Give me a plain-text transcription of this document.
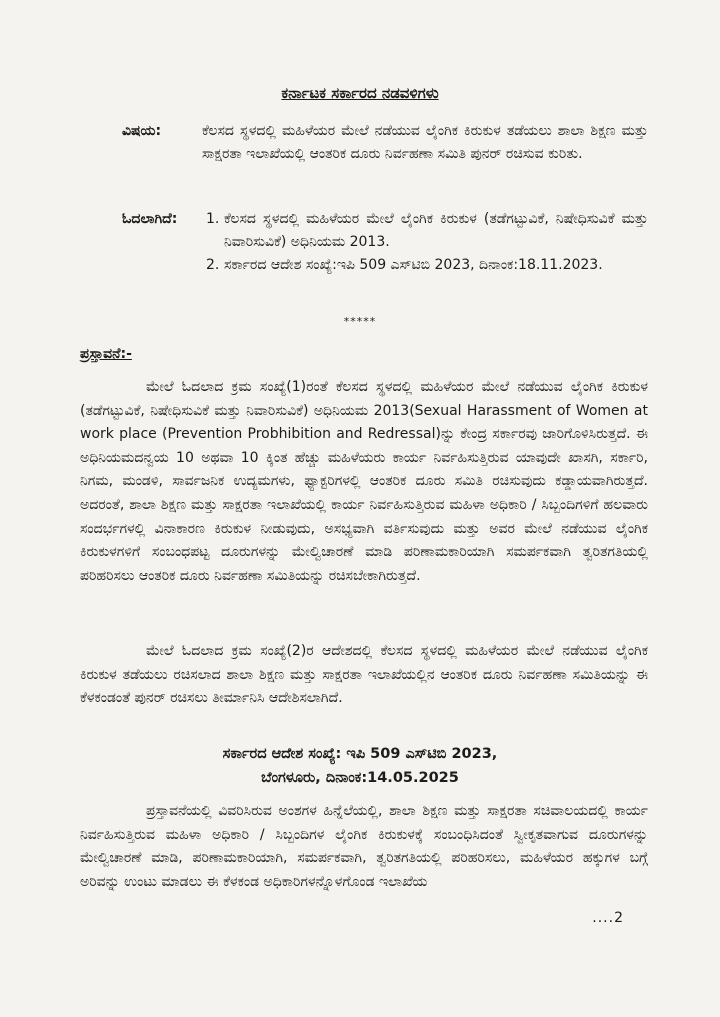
ಕರ್ನಾಟಕ ಸರ್ಕಾರದ ನಡವಳಿಗಳು
ವಿಷಯ:	ಕೆಲಸದ ಸ್ಥಳದಲ್ಲಿ ಮಹಿಳೆಯರ ಮೇಲೆ ನಡೆಯುವ ಲೈಂಗಿಕ ಕಿರುಕುಳ ತಡೆಯಲು ಶಾಲಾ ಶಿಕ್ಷಣ ಮತ್ತು ಸಾಕ್ಷರತಾ ಇಲಾಖೆಯಲ್ಲಿ ಆಂತರಿಕ ದೂರು ನಿರ್ವಹಣಾ ಸಮಿತಿ ಪುನರ್ ರಚಿಸುವ ಕುರಿತು.
ಓದಲಾಗಿದೆ: 1. ಕೆಲಸದ ಸ್ಥಳದಲ್ಲಿ ಮಹಿಳೆಯರ ಮೇಲೆ ಲೈಂಗಿಕ ಕಿರುಕುಳ (ತಡೆಗಟ್ಟುವಿಕೆ, ನಿಷೇಧಿಸುವಿಕೆ ಮತ್ತು ನಿವಾರಿಸುವಿಕೆ) ಅಧಿನಿಯಮ 2013.
2. ಸರ್ಕಾರದ ಆದೇಶ ಸಂಖ್ಯೆ:ಇಪಿ 509 ಎಸ್‌ಟಿಬಿ 2023, ದಿನಾಂಕ:18.11.2023.
*****
ಪ್ರಸ್ತಾವನೆ:-
ಮೇಲೆ ಓದಲಾದ ಕ್ರಮ ಸಂಖ್ಯೆ(1)ರಂತೆ ಕೆಲಸದ ಸ್ಥಳದಲ್ಲಿ ಮಹಿಳೆಯರ ಮೇಲೆ ನಡೆಯುವ ಲೈಂಗಿಕ ಕಿರುಕುಳ (ತಡೆಗಟ್ಟುವಿಕೆ, ನಿಷೇಧಿಸುವಿಕೆ ಮತ್ತು ನಿವಾರಿಸುವಿಕೆ) ಅಧಿನಿಯಮ 2013(Sexual Harassment of Women at work place (Prevention Probhibition and Redressal)ನ್ನು ಕೇಂದ್ರ ಸರ್ಕಾರವು ಜಾರಿಗೊಳಿಸಿರುತ್ತದೆ. ಈ ಅಧಿನಿಯಮದನ್ವಯ 10 ಅಥವಾ 10 ಕ್ಕಿಂತ ಹೆಚ್ಚು ಮಹಿಳೆಯರು ಕಾರ್ಯ ನಿರ್ವಹಿಸುತ್ತಿರುವ ಯಾವುದೇ ಖಾಸಗಿ, ಸರ್ಕಾರಿ, ನಿಗಮ, ಮಂಡಳಿ, ಸಾರ್ವಜನಿಕ ಉದ್ಯಮಗಳು, ಫ್ಯಾಕ್ಟರಿಗಳಲ್ಲಿ ಆಂತರಿಕ ದೂರು ಸಮಿತಿ ರಚಿಸುವುದು ಕಡ್ಡಾಯವಾಗಿರುತ್ತದೆ. ಅದರಂತೆ, ಶಾಲಾ ಶಿಕ್ಷಣ ಮತ್ತು ಸಾಕ್ಷರತಾ ಇಲಾಖೆಯಲ್ಲಿ ಕಾರ್ಯ ನಿರ್ವಹಿಸುತ್ತಿರುವ ಮಹಿಳಾ ಅಧಿಕಾರಿ / ಸಿಬ್ಬಂದಿಗಳಿಗೆ ಹಲವಾರು ಸಂದರ್ಭಗಳಲ್ಲಿ ವಿನಾಕಾರಣ ಕಿರುಕುಳ ನೀಡುವುದು, ಅಸಭ್ಯವಾಗಿ ವರ್ತಿಸುವುದು ಮತ್ತು ಅವರ ಮೇಲೆ ನಡೆಯುವ ಲೈಂಗಿಕ ಕಿರುಕುಳಗಳಿಗೆ ಸಂಬಂಧಪಟ್ಟ ದೂರುಗಳನ್ನು ಮೇಲ್ವಿಚಾರಣೆ ಮಾಡಿ ಪರಿಣಾಮಕಾರಿಯಾಗಿ ಸಮರ್ಪಕವಾಗಿ ತ್ವರಿತಗತಿಯಲ್ಲಿ ಪರಿಹರಿಸಲು ಆಂತರಿಕ ದೂರು ನಿರ್ವಹಣಾ ಸಮಿತಿಯನ್ನು ರಚಿಸಬೇಕಾಗಿರುತ್ತದೆ.
ಮೇಲೆ ಓದಲಾದ ಕ್ರಮ ಸಂಖ್ಯೆ(2)ರ ಆದೇಶದಲ್ಲಿ ಕೆಲಸದ ಸ್ಥಳದಲ್ಲಿ ಮಹಿಳೆಯರ ಮೇಲೆ ನಡೆಯುವ ಲೈಂಗಿಕ ಕಿರುಕುಳ ತಡೆಯಲು ರಚಿಸಲಾದ ಶಾಲಾ ಶಿಕ್ಷಣ ಮತ್ತು ಸಾಕ್ಷರತಾ ಇಲಾಖೆಯಲ್ಲಿನ ಆಂತರಿಕ ದೂರು ನಿರ್ವಹಣಾ ಸಮಿತಿಯನ್ನು ಈ ಕೆಳಕಂಡಂತೆ ಪುನರ್ ರಚಿಸಲು ತೀರ್ಮಾನಿಸಿ ಆದೇಶಿಸಲಾಗಿದೆ.
ಸರ್ಕಾರದ ಆದೇಶ ಸಂಖ್ಯೆ: ಇಪಿ 509 ಎಸ್‌ಟಿಬಿ 2023,
ಬೆಂಗಳೂರು, ದಿನಾಂಕ:14.05.2025
ಪ್ರಸ್ತಾವನೆಯಲ್ಲಿ ವಿವರಿಸಿರುವ ಅಂಶಗಳ ಹಿನ್ನೆಲೆಯಲ್ಲಿ, ಶಾಲಾ ಶಿಕ್ಷಣ ಮತ್ತು ಸಾಕ್ಷರತಾ ಸಚಿವಾಲಯದಲ್ಲಿ ಕಾರ್ಯ ನಿರ್ವಹಿಸುತ್ತಿರುವ ಮಹಿಳಾ ಅಧಿಕಾರಿ / ಸಿಬ್ಬಂದಿಗಳ ಲೈಂಗಿಕ ಕಿರುಕುಳಕ್ಕೆ ಸಂಬಂಧಿಸಿದಂತೆ ಸ್ವೀಕೃತವಾಗುವ ದೂರುಗಳನ್ನು ಮೇಲ್ವಿಚಾರಣೆ ಮಾಡಿ, ಪರಿಣಾಮಕಾರಿಯಾಗಿ, ಸಮರ್ಪಕವಾಗಿ, ತ್ವರಿತಗತಿಯಲ್ಲಿ ಪರಿಹರಿಸಲು, ಮಹಿಳೆಯರ ಹಕ್ಕುಗಳ ಬಗ್ಗೆ ಅರಿವನ್ನು ಉಂಟು ಮಾಡಲು ಈ ಕೆಳಕಂಡ ಅಧಿಕಾರಿಗಳನ್ನೊಳಗೊಂಡ ಇಲಾಖೆಯ
....2
